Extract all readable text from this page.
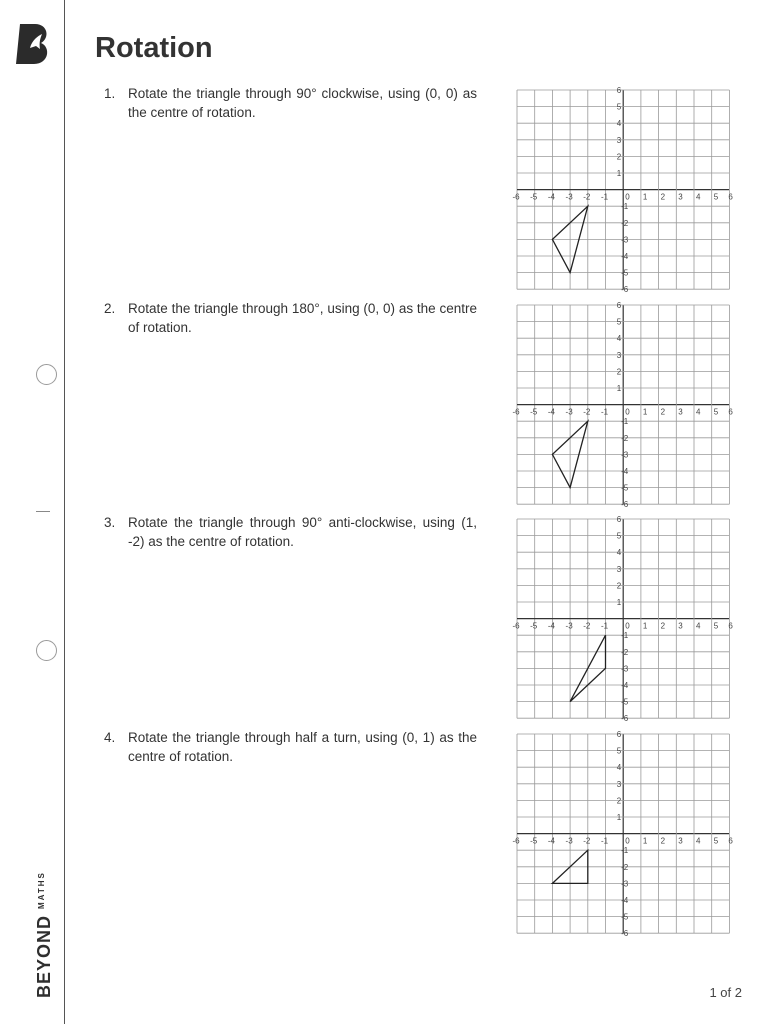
$BEYOND^{MATHS}$
Rotation
1. Rotate the triangle through 90° clockwise, using (0, 0) as the centre of rotation.
-6 -5 -4 -3 -2 -1 0 1 2 3 4 5 6
6
5
4
3
2
1
-1
-2
-3
-4
-5
-6
2. Rotate the triangle through 180°, using (0, 0) as the centre of rotation.
-6 -5 -4 -3 -2 -1 0 1 2 3 4 5 6
6
5
4
3
2
1
-1
-2
-3
-4
-5
-6
3. Rotate the triangle through 90° anti-clockwise, using (1, -2) as the centre of rotation.
-6 -5 -4 -3 -2 -1 0 1 2 3 4 5 6
6
5
4
3
2
1
-1
-2
-3
-4
-5
-6
4. Rotate the triangle through half a turn, using (0, 1) as the centre of rotation.
-6 -5 -4 -3 -2 -1 0 1 2 3 4 5 6
6
5
4
3
2
1
-1
-2
-3
-4
-5
-6
1 of 2
